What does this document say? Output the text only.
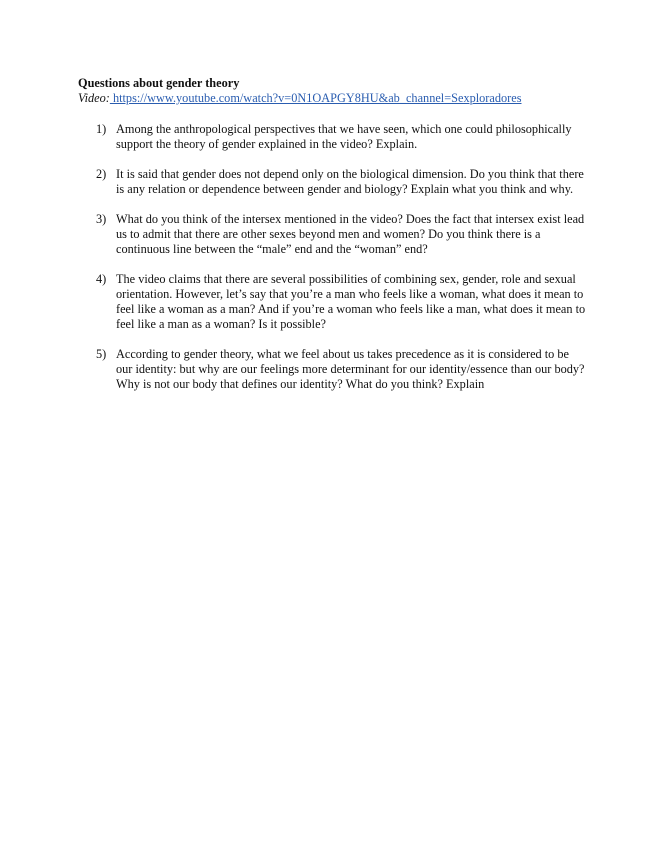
Questions about gender theory

Video: https://www.youtube.com/watch?v=0N1OAPGY8HU&ab_channel=Sexploradores

1) Among the anthropological perspectives that we have seen, which one could philosophically support the theory of gender explained in the video? Explain.
2) It is said that gender does not depend only on the biological dimension. Do you think that there is any relation or dependence between gender and biology? Explain what you think and why.
3) What do you think of the intersex mentioned in the video? Does the fact that intersex exist lead us to admit that there are other sexes beyond men and women? Do you think there is a continuous line between the “male” end and the “woman” end?
4) The video claims that there are several possibilities of combining sex, gender, role and sexual orientation. However, let’s say that you’re a man who feels like a woman, what does it mean to feel like a woman as a man? And if you’re a woman who feels like a man, what does it mean to feel like a man as a woman? Is it possible?
5) According to gender theory, what we feel about us takes precedence as it is considered to be our identity: but why are our feelings more determinant for our identity/essence than our body? Why is not our body that defines our identity? What do you think? Explain
